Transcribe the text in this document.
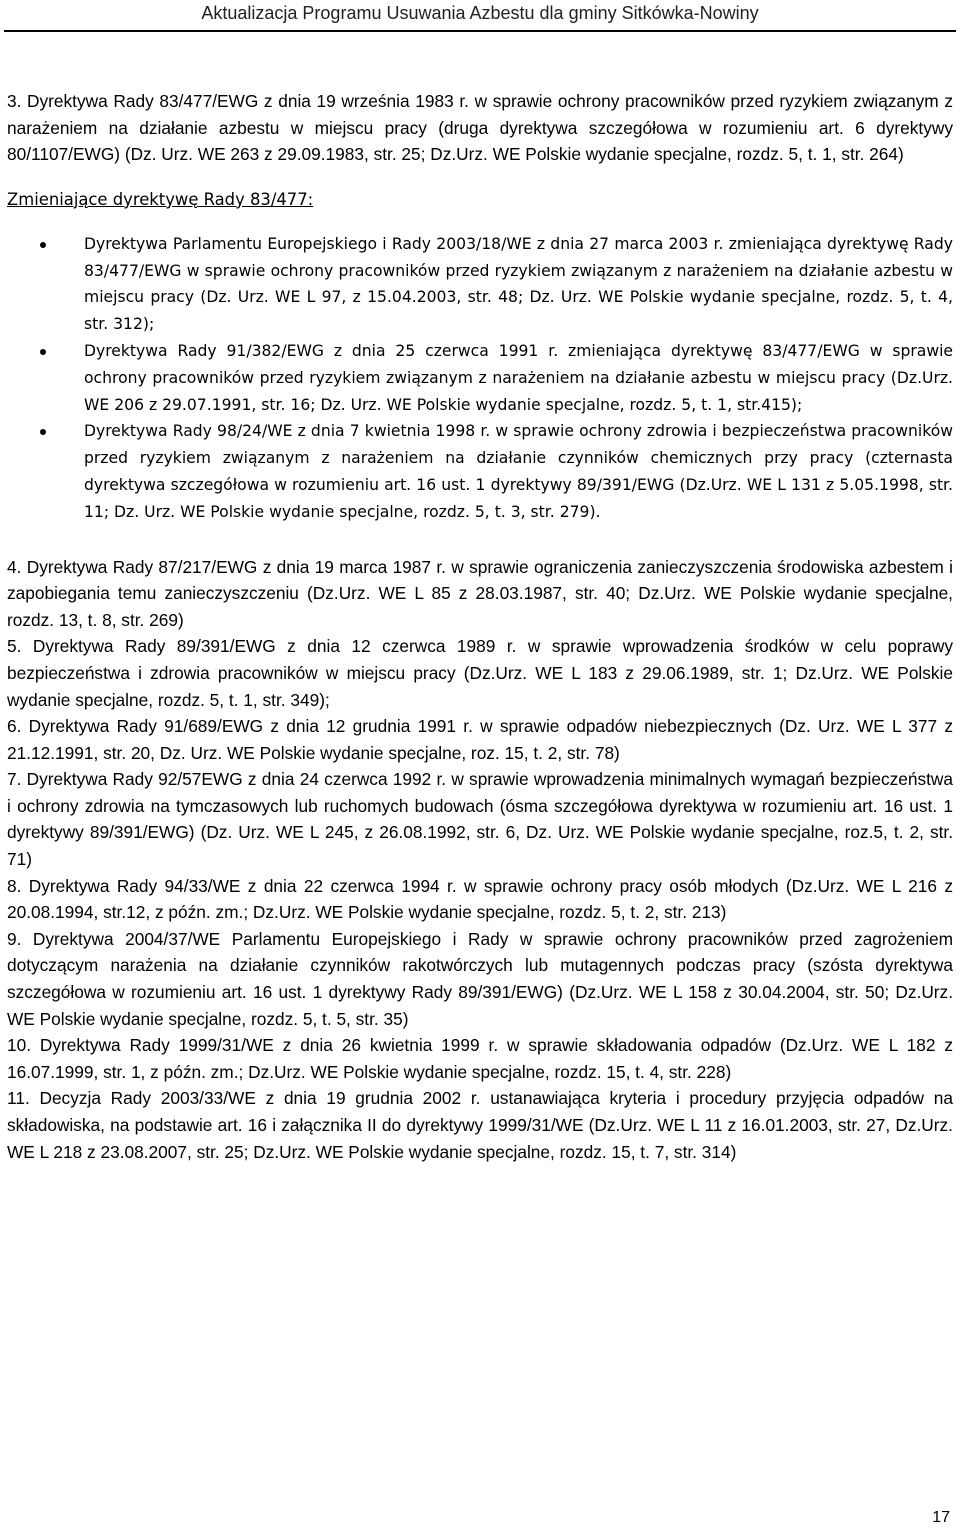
Aktualizacja Programu Usuwania Azbestu dla gminy Sitkówka-Nowiny

3. Dyrektywa Rady 83/477/EWG z dnia 19 września 1983 r. w sprawie ochrony pracowników przed ryzykiem związanym z narażeniem na działanie azbestu w miejscu pracy (druga dyrektywa szczegółowa w rozumieniu art. 6 dyrektywy 80/1107/EWG) (Dz. Urz. WE 263 z 29.09.1983, str. 25; Dz.Urz. WE Polskie wydanie specjalne, rozdz. 5, t. 1, str. 264)

Zmieniające dyrektywę Rady 83/477:

Dyrektywa Parlamentu Europejskiego i Rady 2003/18/WE z dnia 27 marca 2003 r. zmieniająca dyrektywę Rady 83/477/EWG w sprawie ochrony pracowników przed ryzykiem związanym z narażeniem na działanie azbestu w miejscu pracy (Dz. Urz. WE L 97, z 15.04.2003, str. 48; Dz. Urz. WE Polskie wydanie specjalne, rozdz. 5, t. 4, str. 312);
Dyrektywa Rady 91/382/EWG z dnia 25 czerwca 1991 r. zmieniająca dyrektywę 83/477/EWG w sprawie ochrony pracowników przed ryzykiem związanym z narażeniem na działanie azbestu w miejscu pracy (Dz.Urz. WE 206 z 29.07.1991, str. 16; Dz. Urz. WE Polskie wydanie specjalne, rozdz. 5, t. 1, str.415);
Dyrektywa Rady 98/24/WE z dnia 7 kwietnia 1998 r. w sprawie ochrony zdrowia i bezpieczeństwa pracowników przed ryzykiem związanym z narażeniem na działanie czynników chemicznych przy pracy (czternasta dyrektywa szczegółowa w rozumieniu art. 16 ust. 1 dyrektywy 89/391/EWG (Dz.Urz. WE L 131 z 5.05.1998, str. 11; Dz. Urz. WE Polskie wydanie specjalne, rozdz. 5, t. 3, str. 279).

4. Dyrektywa Rady 87/217/EWG z dnia 19 marca 1987 r. w sprawie ograniczenia zanieczyszczenia środowiska azbestem i zapobiegania temu zanieczyszczeniu (Dz.Urz. WE L 85 z 28.03.1987, str. 40; Dz.Urz. WE Polskie wydanie specjalne, rozdz. 13, t. 8, str. 269)

5. Dyrektywa Rady 89/391/EWG z dnia 12 czerwca 1989 r. w sprawie wprowadzenia środków w celu poprawy bezpieczeństwa i zdrowia pracowników w miejscu pracy (Dz.Urz. WE L 183 z 29.06.1989, str. 1; Dz.Urz. WE Polskie wydanie specjalne, rozdz. 5, t. 1, str. 349);

6. Dyrektywa Rady 91/689/EWG z dnia 12 grudnia 1991 r. w sprawie odpadów niebezpiecznych (Dz. Urz. WE L 377 z 21.12.1991, str. 20, Dz. Urz. WE Polskie wydanie specjalne, roz. 15, t. 2, str. 78)

7. Dyrektywa Rady 92/57EWG z dnia 24 czerwca 1992 r. w sprawie wprowadzenia minimalnych wymagań bezpieczeństwa i ochrony zdrowia na tymczasowych lub ruchomych budowach (ósma szczegółowa dyrektywa w rozumieniu art. 16 ust. 1 dyrektywy 89/391/EWG) (Dz. Urz. WE L 245, z 26.08.1992, str. 6, Dz. Urz. WE Polskie wydanie specjalne, roz.5, t. 2, str. 71)

8. Dyrektywa Rady 94/33/WE z dnia 22 czerwca 1994 r. w sprawie ochrony pracy osób młodych (Dz.Urz. WE L 216 z 20.08.1994, str.12, z późn. zm.; Dz.Urz. WE Polskie wydanie specjalne, rozdz. 5, t. 2, str. 213)

9. Dyrektywa 2004/37/WE Parlamentu Europejskiego i Rady w sprawie ochrony pracowników przed zagrożeniem dotyczącym narażenia na działanie czynników rakotwórczych lub mutagennych podczas pracy (szósta dyrektywa szczegółowa w rozumieniu art. 16 ust. 1 dyrektywy Rady 89/391/EWG) (Dz.Urz. WE L 158 z 30.04.2004, str. 50; Dz.Urz. WE Polskie wydanie specjalne, rozdz. 5, t. 5, str. 35)

10. Dyrektywa Rady 1999/31/WE z dnia 26 kwietnia 1999 r. w sprawie składowania odpadów (Dz.Urz. WE L 182 z 16.07.1999, str. 1, z późn. zm.; Dz.Urz. WE Polskie wydanie specjalne, rozdz. 15, t. 4, str. 228)

11. Decyzja Rady 2003/33/WE z dnia 19 grudnia 2002 r. ustanawiająca kryteria i procedury przyjęcia odpadów na składowiska, na podstawie art. 16 i załącznika II do dyrektywy 1999/31/WE (Dz.Urz. WE L 11 z 16.01.2003, str. 27, Dz.Urz. WE L 218 z 23.08.2007, str. 25; Dz.Urz. WE Polskie wydanie specjalne, rozdz. 15, t. 7, str. 314)

17
